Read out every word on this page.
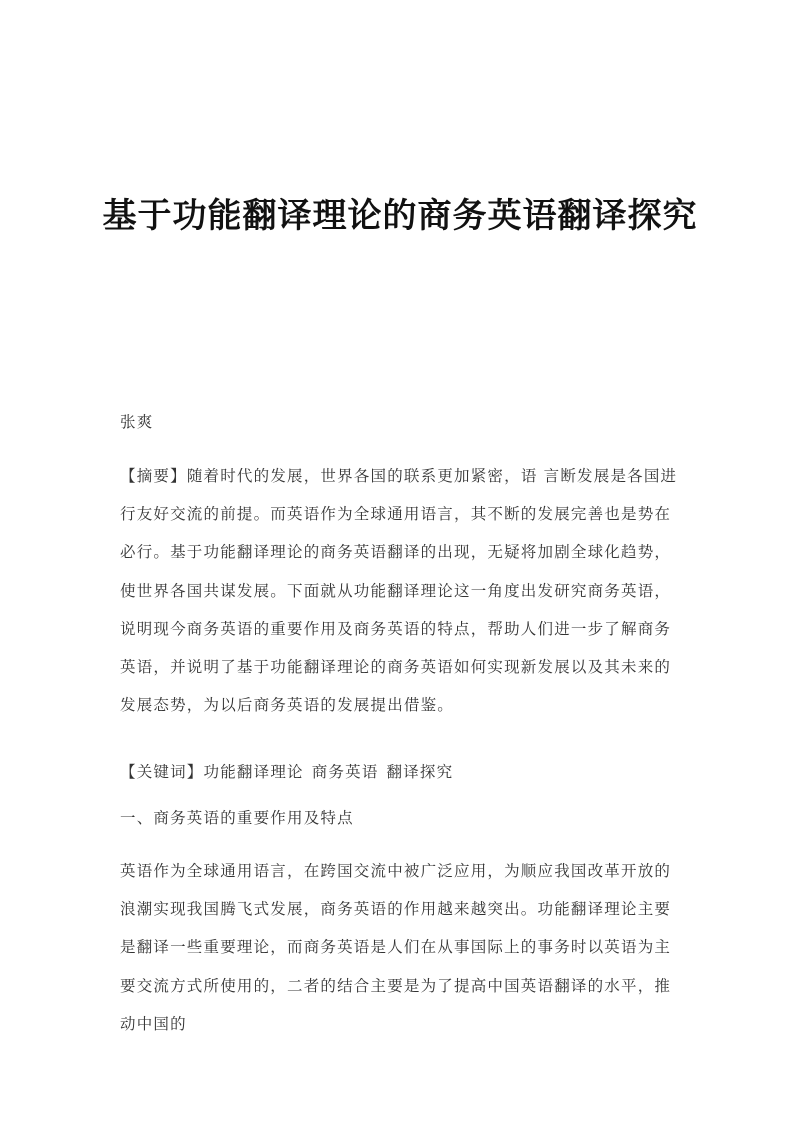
基于功能翻译理论的商务英语翻译探究
张爽
【摘要】随着时代的发展，世界各国的联系更加紧密，语 言断发展是各国进行友好交流的前提。而英语作为全球通用语言，其不断的发展完善也是势在必行。基于功能翻译理论的商务英语翻译的出现，无疑将加剧全球化趋势，使世界各国共谋发展。下面就从功能翻译理论这一角度出发研究商务英语，说明现今商务英语的重要作用及商务英语的特点，帮助人们进一步了解商务英语，并说明了基于功能翻译理论的商务英语如何实现新发展以及其未来的发展态势，为以后商务英语的发展提出借鉴。
【关键词】功能翻译理论 商务英语 翻译探究
一、商务英语的重要作用及特点
英语作为全球通用语言，在跨国交流中被广泛应用，为顺应我国改革开放的浪潮实现我国腾飞式发展，商务英语的作用越来越突出。功能翻译理论主要是翻译一些重要理论，而商务英语是人们在从事国际上的事务时以英语为主要交流方式所使用的，二者的结合主要是为了提高中国英语翻译的水平，推动中国的
